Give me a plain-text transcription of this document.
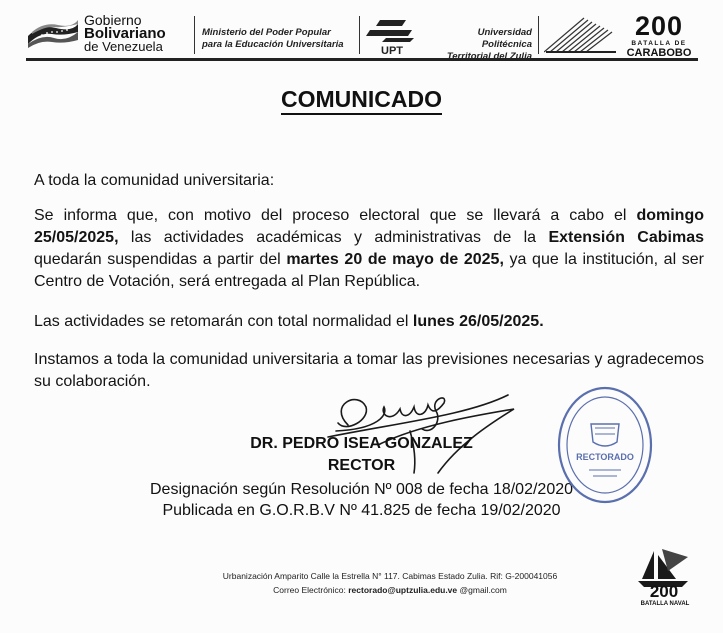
Gobierno
Bolivariano
de Venezuela
Ministerio del Poder Popular
para la Educación Universitaria
UPT
Universidad Politécnica
Territorial del Zulia
200
BATALLA DE
CARABOBO
COMUNICADO

A toda la comunidad universitaria:

Se informa que, con motivo del proceso electoral que se llevará a cabo el domingo 25/05/2025, las actividades académicas y administrativas de la Extensión Cabimas quedarán suspendidas a partir del martes 20 de mayo de 2025, ya que la institución, al ser Centro de Votación, será entregada al Plan República.

Las actividades se retomarán con total normalidad el lunes 26/05/2025.

Instamos a toda la comunidad universitaria a tomar las previsiones necesarias y agradecemos su colaboración.

DR. PEDRO ISEA GONZALEZ
RECTOR
Designación según Resolución Nº 008 de fecha 18/02/2020
Publicada en G.O.R.B.V Nº 41.825 de fecha 19/02/2020
RECTORADO
Urbanización Amparito Calle la Estrella N° 117. Cabimas Estado Zulia. Rif: G-200041056
Correo Electrónico: rectorado@uptzulia.edu.ve @gmail.com	200
BATALLA NAVAL
